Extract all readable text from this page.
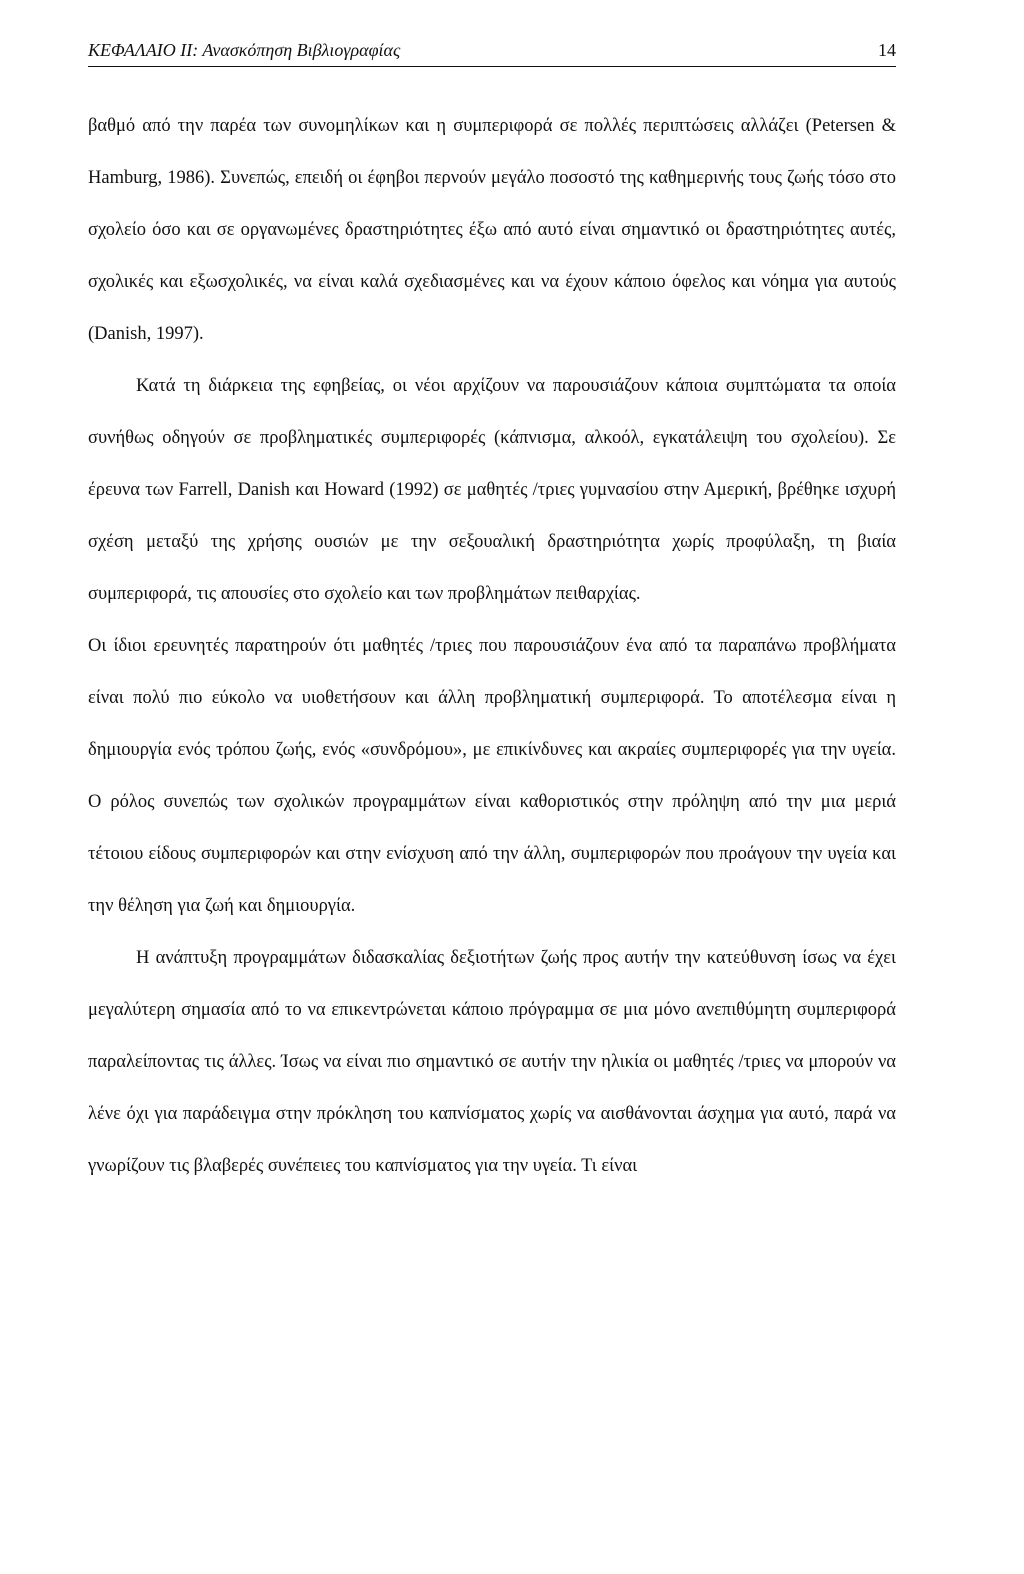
ΚΕΦΑΛΑΙΟ ΙΙ: Ανασκόπηση Βιβλιογραφίας	14

βαθμό από την παρέα των συνομηλίκων και η συμπεριφορά σε πολλές περιπτώσεις αλλάζει (Petersen & Hamburg, 1986). Συνεπώς, επειδή οι έφηβοι περνούν μεγάλο ποσοστό της καθημερινής τους ζωής τόσο στο σχολείο όσο και σε οργανωμένες δραστηριότητες έξω από αυτό είναι σημαντικό οι δραστηριότητες αυτές, σχολικές και εξωσχολικές, να είναι καλά σχεδιασμένες και να έχουν κάποιο όφελος και νόημα για αυτούς (Danish, 1997).

Κατά τη διάρκεια της εφηβείας, οι νέοι αρχίζουν να παρουσιάζουν κάποια συμπτώματα τα οποία συνήθως οδηγούν σε προβληματικές συμπεριφορές (κάπνισμα, αλκοόλ, εγκατάλειψη του σχολείου). Σε έρευνα των Farrell, Danish και Howard (1992) σε μαθητές /τριες γυμνασίου στην Αμερική, βρέθηκε ισχυρή σχέση μεταξύ της χρήσης ουσιών με την σεξουαλική δραστηριότητα χωρίς προφύλαξη, τη βιαία συμπεριφορά, τις απουσίες στο σχολείο και των προβλημάτων πειθαρχίας.

Οι ίδιοι ερευνητές παρατηρούν ότι μαθητές /τριες που παρουσιάζουν ένα από τα παραπάνω προβλήματα είναι πολύ πιο εύκολο να υιοθετήσουν και άλλη προβληματική συμπεριφορά. Το αποτέλεσμα είναι η δημιουργία ενός τρόπου ζωής, ενός «συνδρόμου», με επικίνδυνες και ακραίες συμπεριφορές για την υγεία. Ο ρόλος συνεπώς των σχολικών προγραμμάτων είναι καθοριστικός στην πρόληψη από την μια μεριά τέτοιου είδους συμπεριφορών και στην ενίσχυση από την άλλη, συμπεριφορών που προάγουν την υγεία και την θέληση για ζωή και δημιουργία.

Η ανάπτυξη προγραμμάτων διδασκαλίας δεξιοτήτων ζωής προς αυτήν την κατεύθυνση ίσως να έχει μεγαλύτερη σημασία από το να επικεντρώνεται κάποιο πρόγραμμα σε μια μόνο ανεπιθύμητη συμπεριφορά παραλείποντας τις άλλες. Ίσως να είναι πιο σημαντικό σε αυτήν την ηλικία οι μαθητές /τριες να μπορούν να λένε όχι για παράδειγμα στην πρόκληση του καπνίσματος χωρίς να αισθάνονται άσχημα για αυτό, παρά να γνωρίζουν τις βλαβερές συνέπειες του καπνίσματος για την υγεία. Τι είναι
